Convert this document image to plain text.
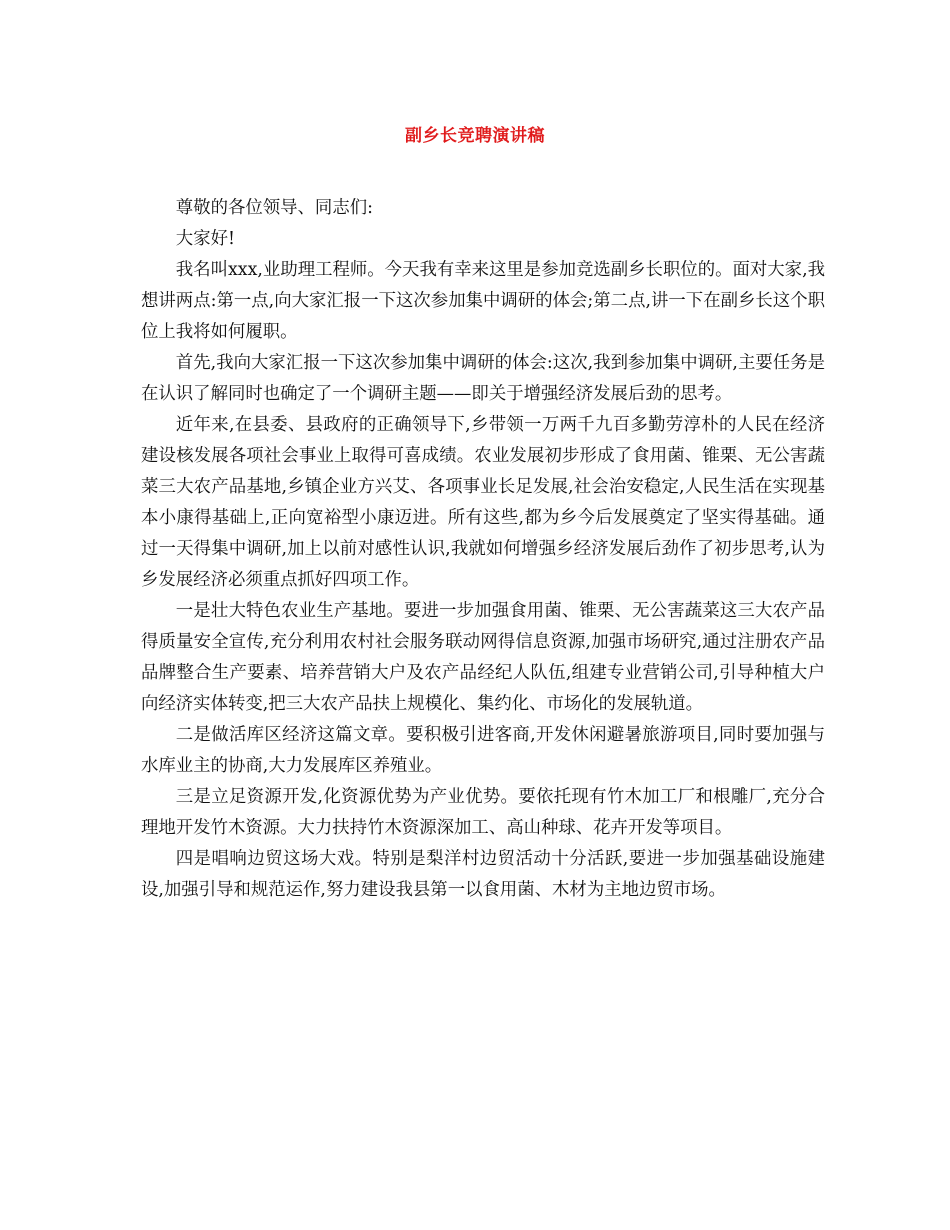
副乡长竞聘演讲稿

尊敬的各位领导、同志们:

大家好!

我名叫xxx,业助理工程师。今天我有幸来这里是参加竞选副乡长职位的。面对大家,我想讲两点:第一点,向大家汇报一下这次参加集中调研的体会;第二点,讲一下在副乡长这个职位上我将如何履职。

首先,我向大家汇报一下这次参加集中调研的体会:这次,我到参加集中调研,主要任务是在认识了解同时也确定了一个调研主题——即关于增强经济发展后劲的思考。

近年来,在县委、县政府的正确领导下,乡带领一万两千九百多勤劳淳朴的人民在经济建设核发展各项社会事业上取得可喜成绩。农业发展初步形成了食用菌、锥栗、无公害蔬菜三大农产品基地,乡镇企业方兴艾、各项事业长足发展,社会治安稳定,人民生活在实现基本小康得基础上,正向宽裕型小康迈进。所有这些,都为乡今后发展奠定了坚实得基础。通过一天得集中调研,加上以前对感性认识,我就如何增强乡经济发展后劲作了初步思考,认为乡发展经济必须重点抓好四项工作。

一是壮大特色农业生产基地。要进一步加强食用菌、锥栗、无公害蔬菜这三大农产品得质量安全宣传,充分利用农村社会服务联动网得信息资源,加强市场研究,通过注册农产品品牌整合生产要素、培养营销大户及农产品经纪人队伍,组建专业营销公司,引导种植大户向经济实体转变,把三大农产品扶上规模化、集约化、市场化的发展轨道。

二是做活库区经济这篇文章。要积极引进客商,开发休闲避暑旅游项目,同时要加强与水库业主的协商,大力发展库区养殖业。

三是立足资源开发,化资源优势为产业优势。要依托现有竹木加工厂和根雕厂,充分合理地开发竹木资源。大力扶持竹木资源深加工、高山种球、花卉开发等项目。

四是唱响边贸这场大戏。特别是梨洋村边贸活动十分活跃,要进一步加强基础设施建设,加强引导和规范运作,努力建设我县第一以食用菌、木材为主地边贸市场。
